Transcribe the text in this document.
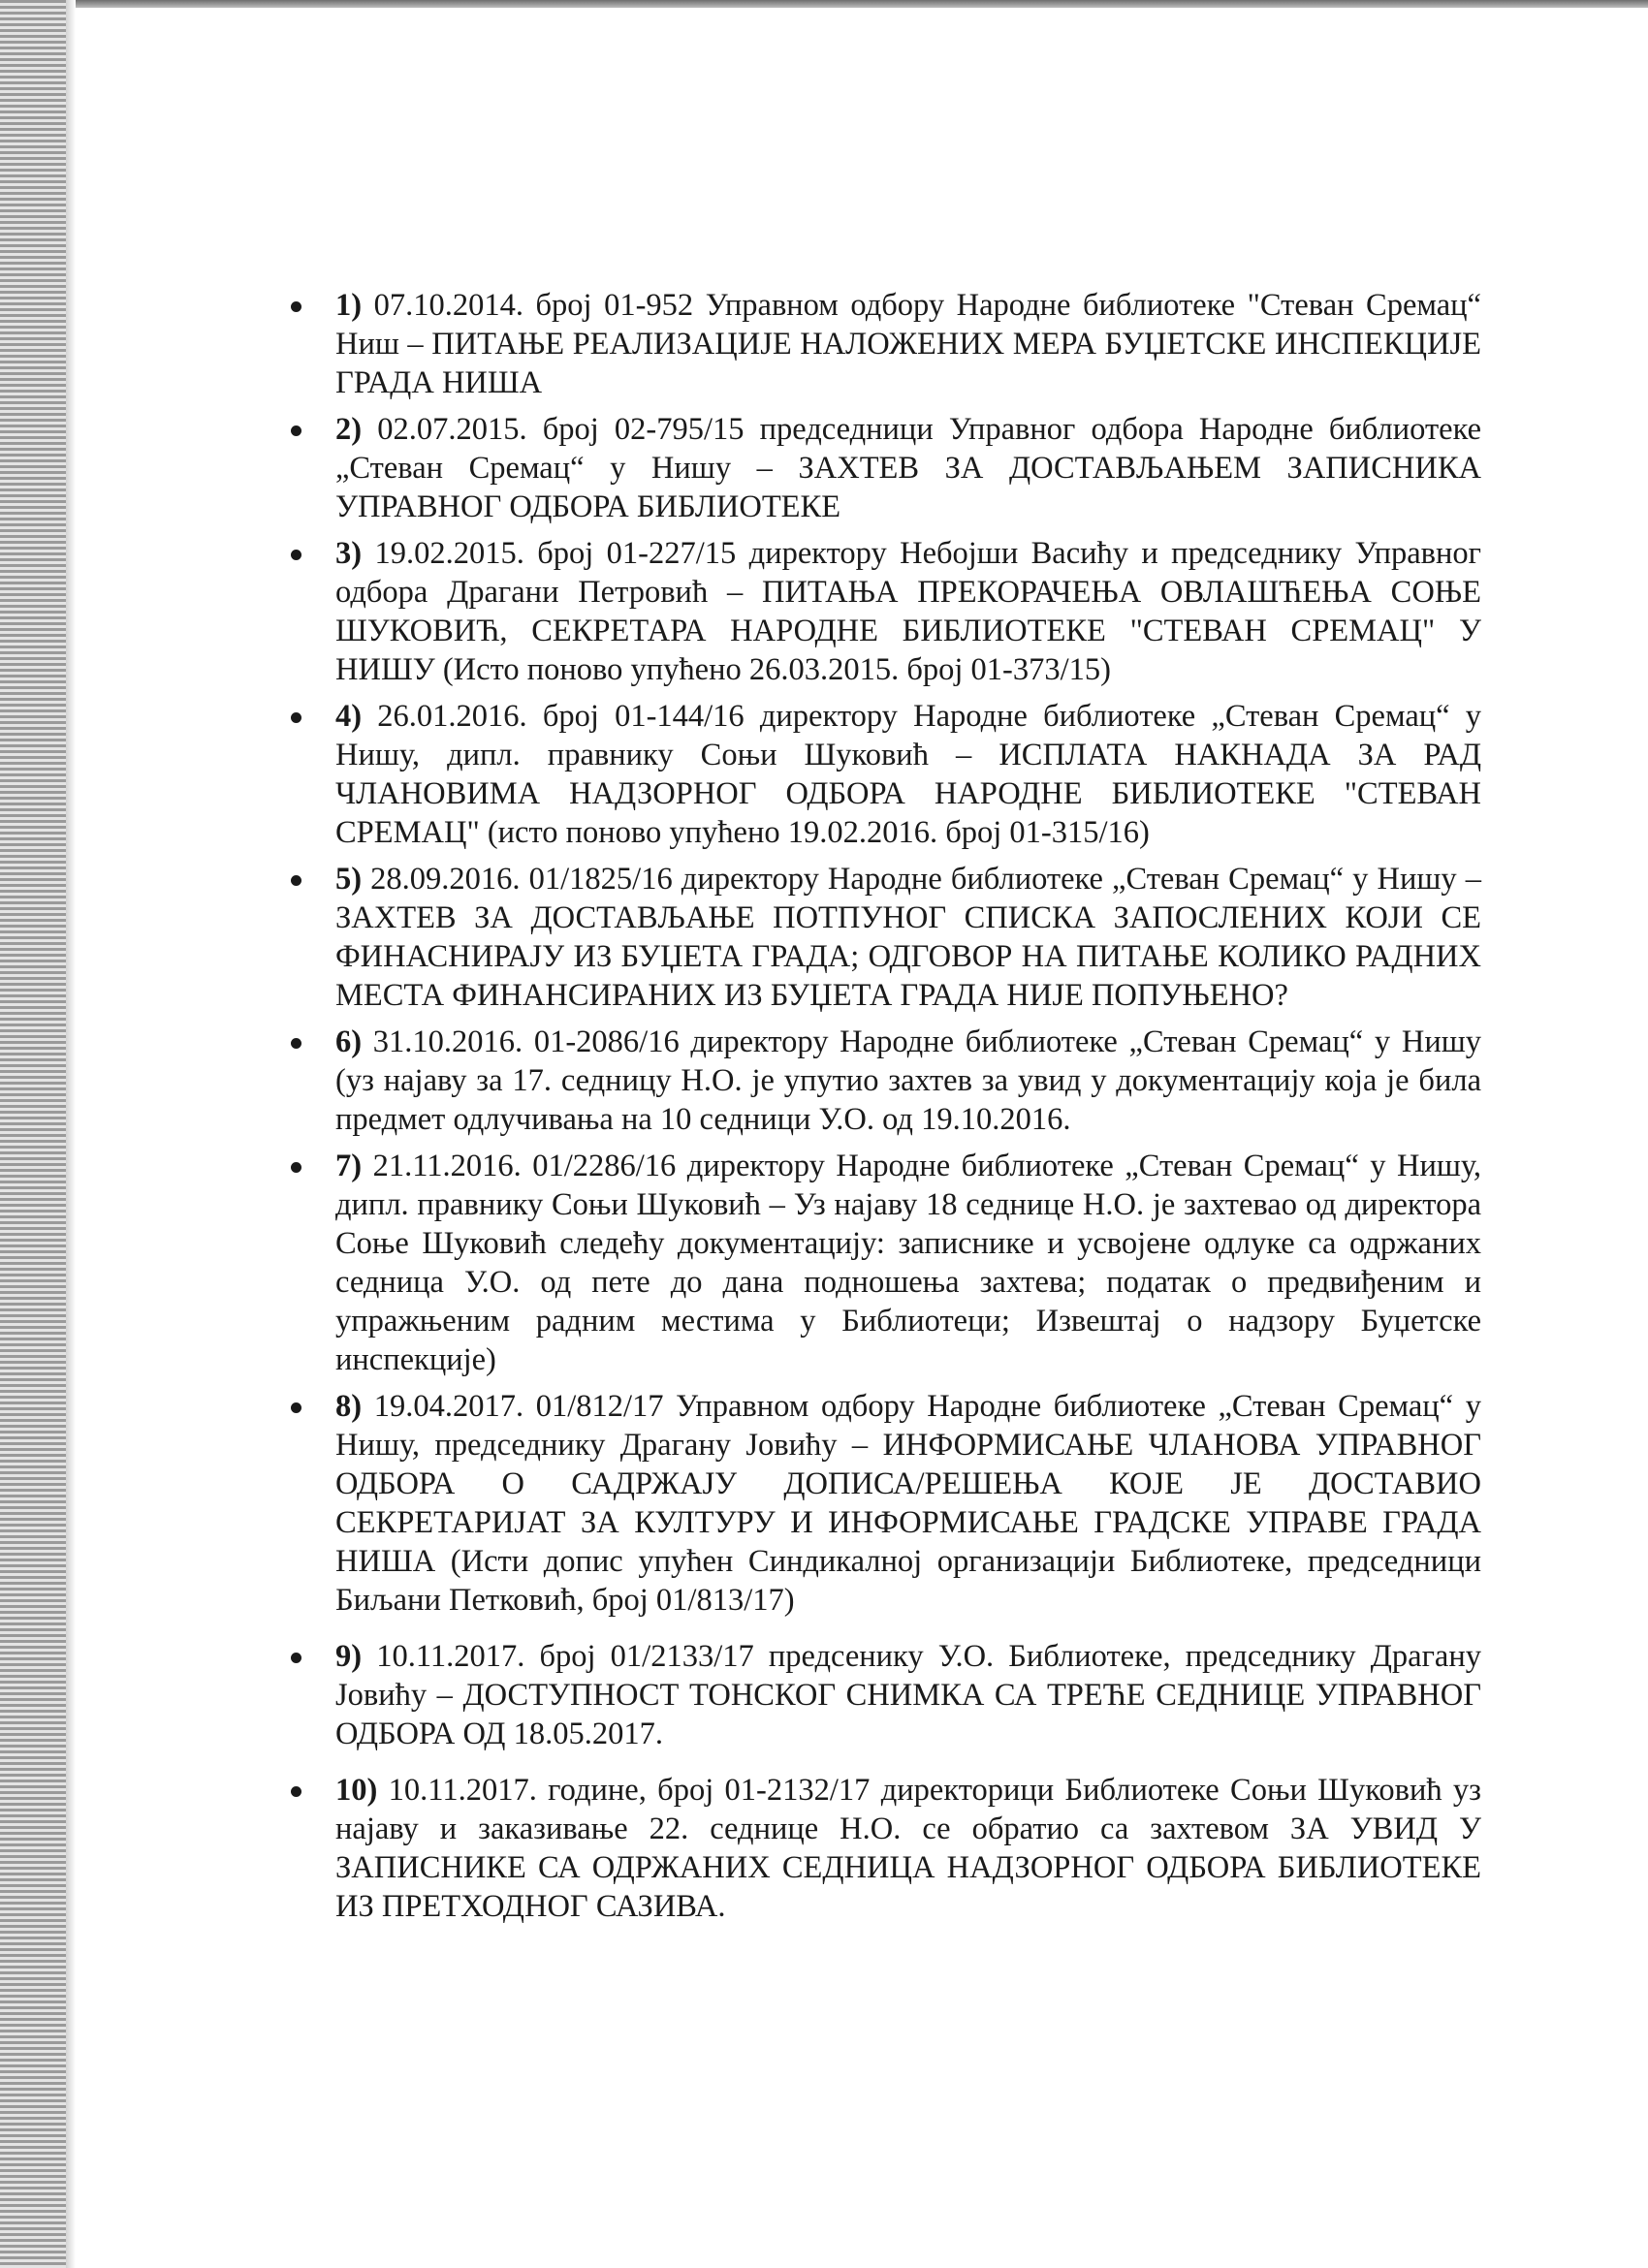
1) 07.10.2014. број 01-952 Управном одбору Народне библиотеке "Стеван Сремац“ Ниш – ПИТАЊЕ РЕАЛИЗАЦИЈЕ НАЛОЖЕНИХ МЕРА БУЏЕТСКЕ ИНСПЕКЦИЈЕ ГРАДА НИША
2) 02.07.2015. број 02-795/15 председници Управног одбора Народне библиотеке „Стеван Сремац“ у Нишу – ЗАХТЕВ ЗА ДОСТАВЉАЊЕМ ЗАПИСНИКА УПРАВНОГ ОДБОРА БИБЛИОТЕКЕ
3) 19.02.2015. број 01-227/15 директору Небојши Васићу и председнику Управног одбора Драгани Петровић – ПИТАЊА ПРЕКОРАЧЕЊА ОВЛАШЋЕЊА СОЊЕ ШУКОВИЋ, СЕКРЕТАРА НАРОДНЕ БИБЛИОТЕКЕ "СТЕВАН СРЕМАЦ" У НИШУ (Исто поново упућено 26.03.2015. број 01-373/15)
4) 26.01.2016. број 01-144/16 директору Народне библиотеке „Стеван Сремац“ у Нишу, дипл. правнику Соњи Шуковић – ИСПЛАТА НАКНАДА ЗА РАД ЧЛАНОВИМА НАДЗОРНОГ ОДБОРА НАРОДНЕ БИБЛИОТЕКЕ "СТЕВАН СРЕМАЦ" (исто поново упућено 19.02.2016. број 01-315/16)
5) 28.09.2016. 01/1825/16 директору Народне библиотеке „Стеван Сремац“ у Нишу –ЗАХТЕВ ЗА ДОСТАВЉАЊЕ ПОТПУНОГ СПИСКА ЗАПОСЛЕНИХ КОЈИ СЕ ФИНАСНИРАЈУ ИЗ БУЏЕТА ГРАДА; ОДГОВОР НА ПИТАЊЕ КОЛИКО РАДНИХ МЕСТА ФИНАНСИРАНИХ ИЗ БУЏЕТА ГРАДА НИЈЕ ПОПУЊЕНО?
6) 31.10.2016. 01-2086/16 директору Народне библиотеке „Стеван Сремац“ у Нишу (уз најаву за 17. седницу Н.О. је упутио захтев за увид у документацију која је била предмет одлучивања на 10 седници У.О. од 19.10.2016.
7) 21.11.2016. 01/2286/16 директору Народне библиотеке „Стеван Сремац“ у Нишу, дипл. правнику Соњи Шуковић – Уз најаву 18 седнице Н.О. је захтевао од директора Соње Шуковић следећу документацију: записнике и усвојене одлуке са одржаних седница У.О. од пете до дана подношења захтева; податак о предвиђеним и упражњеним радним местима у Библиотеци; Извештај о надзору Буџетске инспекције)
8) 19.04.2017. 01/812/17 Управном одбору Народне библиотеке „Стеван Сремац“ у Нишу, председнику Драгану Јовићу – ИНФОРМИСАЊЕ ЧЛАНОВА УПРАВНОГ ОДБОРА О САДРЖАЈУ ДОПИСА/РЕШЕЊА КОЈЕ ЈЕ ДОСТАВИО СЕКРЕТАРИЈАТ ЗА КУЛТУРУ И ИНФОРМИСАЊЕ ГРАДСКЕ УПРАВЕ ГРАДА НИША (Исти допис упућен Синдикалној организацији Библиотеке, председници Биљани Петковић, број 01/813/17)
9) 10.11.2017. број 01/2133/17 предсенику У.О. Библиотеке, председнику Драгану Јовићу – ДОСТУПНОСТ ТОНСКОГ СНИМКА СА ТРЕЋЕ СЕДНИЦЕ УПРАВНОГ ОДБОРА ОД 18.05.2017.
10) 10.11.2017. године, број 01-2132/17 директорици Библиотеке Соњи Шуковић уз најаву и заказивање 22. седнице Н.О. се обратио са захтевом ЗА УВИД У ЗАПИСНИКЕ СА ОДРЖАНИХ СЕДНИЦА НАДЗОРНОГ ОДБОРА БИБЛИОТЕКЕ ИЗ ПРЕТХОДНОГ САЗИВА.
